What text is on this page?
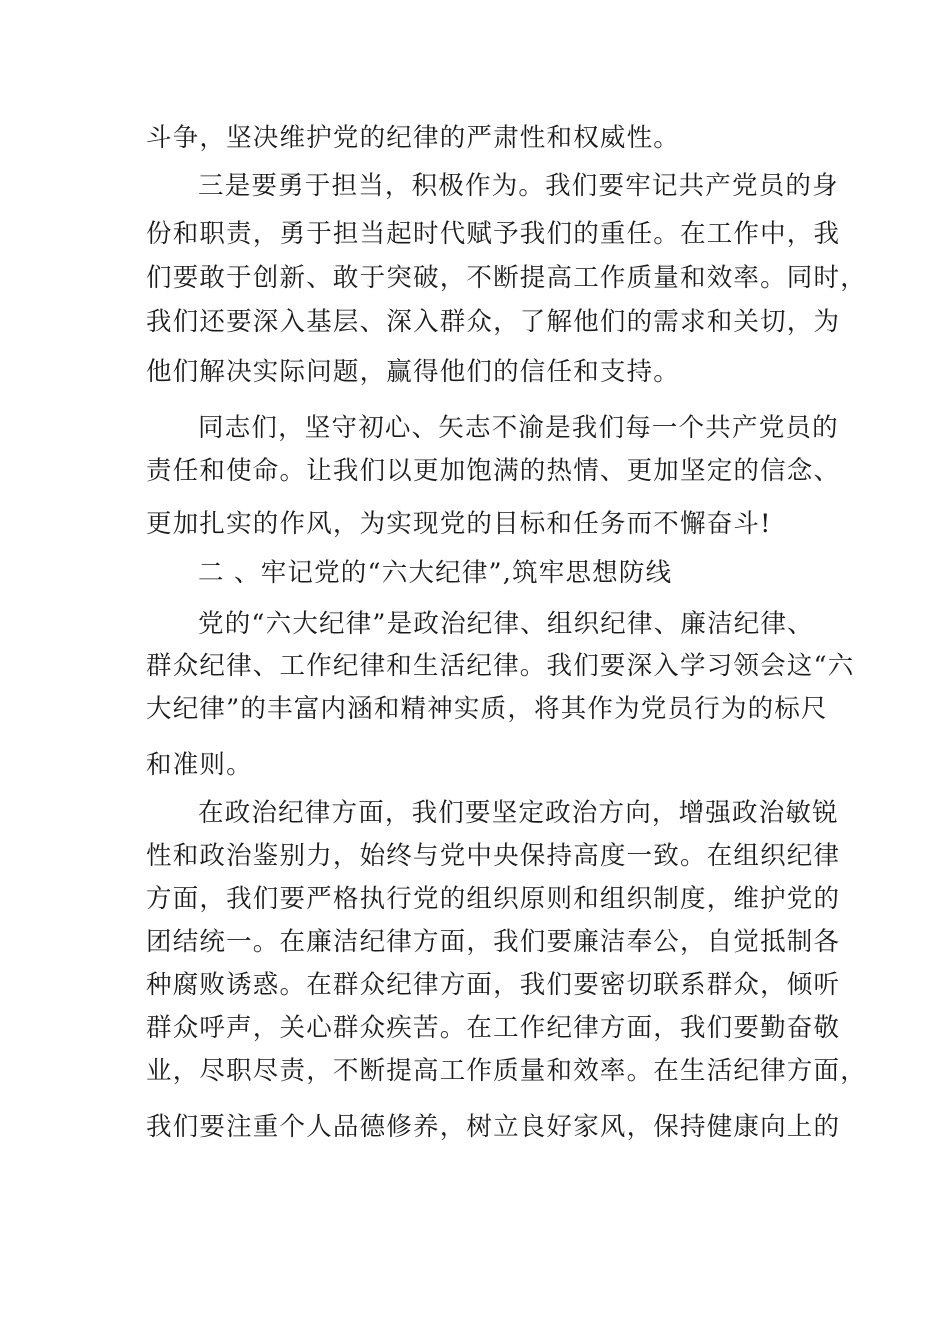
斗争，坚决维护党的纪律的严肃性和权威性。
三是要勇于担当，积极作为。我们要牢记共产党员的身
份和职责，勇于担当起时代赋予我们的重任。在工作中，我
们要敢于创新、敢于突破，不断提高工作质量和效率。同时，
我们还要深入基层、深入群众，了解他们的需求和关切，为
他们解决实际问题，赢得他们的信任和支持。
同志们，坚守初心、矢志不渝是我们每一个共产党员的
责任和使命。让我们以更加饱满的热情、更加坚定的信念、
更加扎实的作风，为实现党的目标和任务而不懈奋斗!
二 、牢记党的“六大纪律”,筑牢思想防线
党的“六大纪律”是政治纪律、组织纪律、廉洁纪律、
群众纪律、工作纪律和生活纪律。我们要深入学习领会这“六
大纪律”的丰富内涵和精神实质，将其作为党员行为的标尺
和准则。
在政治纪律方面，我们要坚定政治方向，增强政治敏锐
性和政治鉴别力，始终与党中央保持高度一致。在组织纪律
方面，我们要严格执行党的组织原则和组织制度，维护党的
团结统一。在廉洁纪律方面，我们要廉洁奉公，自觉抵制各
种腐败诱惑。在群众纪律方面，我们要密切联系群众，倾听
群众呼声，关心群众疾苦。在工作纪律方面，我们要勤奋敬
业，尽职尽责，不断提高工作质量和效率。在生活纪律方面，
我们要注重个人品德修养，树立良好家风，保持健康向上的
